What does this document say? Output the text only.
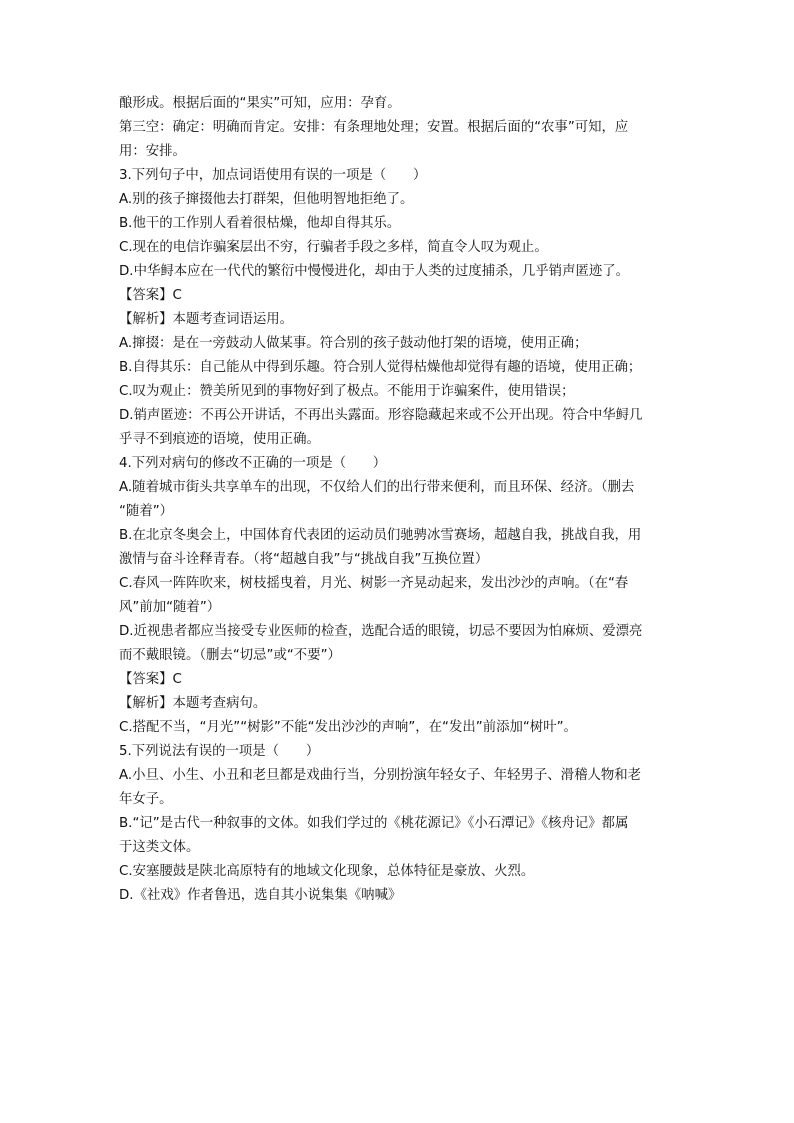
酿形成。根据后面的“果实”可知，应用：孕育。

第三空：确定：明确而肯定。安排：有条理地处理；安置。根据后面的“农事”可知，应

用：安排。

3.下列句子中，加点词语使用有误的一项是（　　）

A.别的孩子撺掇他去打群架，但他明智地拒绝了。

B.他干的工作别人看着很枯燥，他却自得其乐。

C.现在的电信诈骗案层出不穷，行骗者手段之多样，简直令人叹为观止。

D.中华鲟本应在一代代的繁衍中慢慢进化，却由于人类的过度捕杀，几乎销声匿迹了。

【答案】C

【解析】本题考查词语运用。

A.撺掇：是在一旁鼓动人做某事。符合别的孩子鼓动他打架的语境，使用正确；

B.自得其乐：自己能从中得到乐趣。符合别人觉得枯燥他却觉得有趣的语境，使用正确；

C.叹为观止：赞美所见到的事物好到了极点。不能用于诈骗案件，使用错误；

D.销声匿迹：不再公开讲话，不再出头露面。形容隐藏起来或不公开出现。符合中华鲟几

乎寻不到痕迹的语境，使用正确。

4.下列对病句的修改不正确的一项是（　　）

A.随着城市街头共享单车的出现，不仅给人们的出行带来便利，而且环保、经济。（删去

“随着”）

B.在北京冬奥会上，中国体育代表团的运动员们驰骋冰雪赛场，超越自我，挑战自我，用

激情与奋斗诠释青春。（将“超越自我”与“挑战自我”互换位置）

C.春风一阵阵吹来，树枝摇曳着，月光、树影一齐晃动起来，发出沙沙的声响。（在“春

风”前加“随着”）

D.近视患者都应当接受专业医师的检查，选配合适的眼镜，切忌不要因为怕麻烦、爱漂亮

而不戴眼镜。（删去“切忌”或“不要”）

【答案】C

【解析】本题考查病句。

C.搭配不当，“月光”“树影”不能“发出沙沙的声响”，在“发出”前添加“树叶”。

5.下列说法有误的一项是（　　）

A.小旦、小生、小丑和老旦都是戏曲行当，分别扮演年轻女子、年轻男子、滑稽人物和老

年女子。

B.“记”是古代一种叙事的文体。如我们学过的《桃花源记》《小石潭记》《核舟记》都属

于这类文体。

C.安塞腰鼓是陕北高原特有的地域文化现象，总体特征是豪放、火烈。

D.《社戏》作者鲁迅，选自其小说集集《呐喊》
